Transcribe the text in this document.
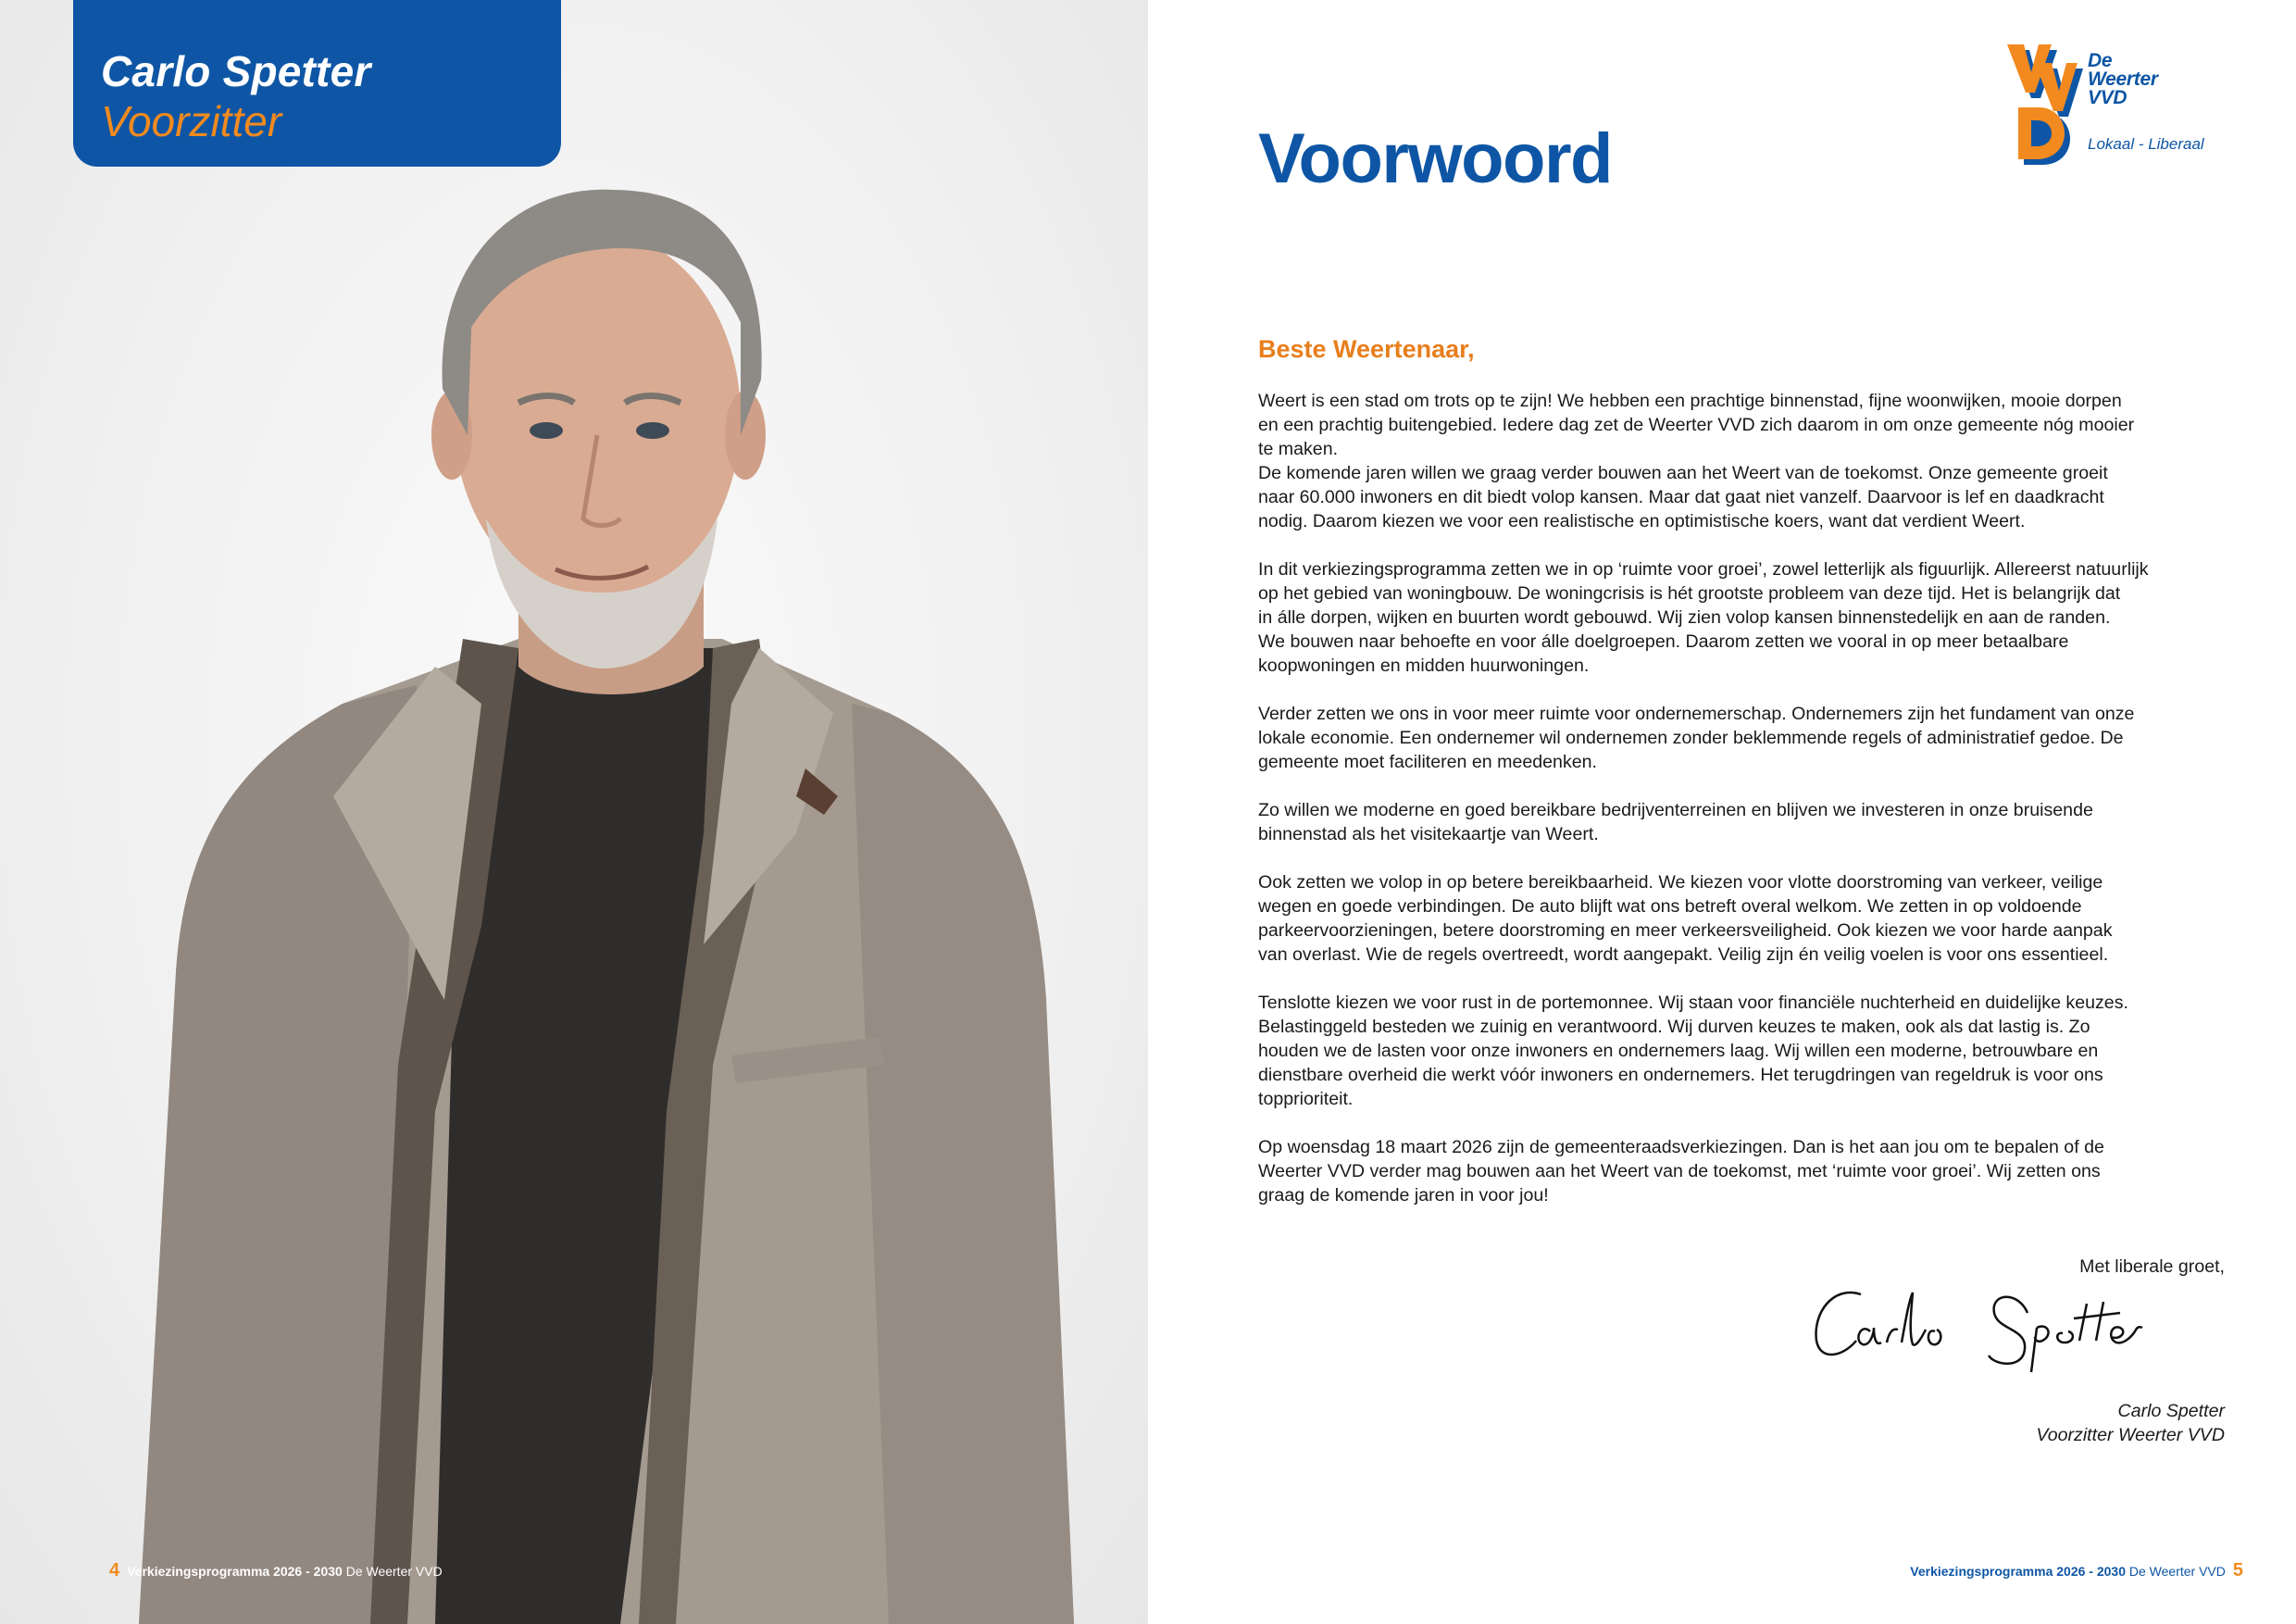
Carlo Spetter
Voorzitter
4 Verkiezingsprogramma 2026 - 2030 De Weerter VVD
Voorwoord
De
Weerter
VVD
Lokaal - Liberaal
Beste Weertenaar,

Weert is een stad om trots op te zijn! We hebben een prachtige binnenstad, fijne woonwijken, mooie dorpen
en een prachtig buitengebied. Iedere dag zet de Weerter VVD zich daarom in om onze gemeente nóg mooier
te maken.
De komende jaren willen we graag verder bouwen aan het Weert van de toekomst. Onze gemeente groeit
naar 60.000 inwoners en dit biedt volop kansen. Maar dat gaat niet vanzelf. Daarvoor is lef en daadkracht
nodig. Daarom kiezen we voor een realistische en optimistische koers, want dat verdient Weert.

In dit verkiezingsprogramma zetten we in op ‘ruimte voor groei’, zowel letterlijk als figuurlijk. Allereerst natuurlijk
op het gebied van woningbouw. De woningcrisis is hét grootste probleem van deze tijd. Het is belangrijk dat
in álle dorpen, wijken en buurten wordt gebouwd. Wij zien volop kansen binnenstedelijk en aan de randen.
We bouwen naar behoefte en voor álle doelgroepen. Daarom zetten we vooral in op meer betaalbare
koopwoningen en midden huurwoningen.

Verder zetten we ons in voor meer ruimte voor ondernemerschap. Ondernemers zijn het fundament van onze
lokale economie. Een ondernemer wil ondernemen zonder beklemmende regels of administratief gedoe. De
gemeente moet faciliteren en meedenken.

Zo willen we moderne en goed bereikbare bedrijventerreinen en blijven we investeren in onze bruisende
binnenstad als het visitekaartje van Weert.

Ook zetten we volop in op betere bereikbaarheid. We kiezen voor vlotte doorstroming van verkeer, veilige
wegen en goede verbindingen. De auto blijft wat ons betreft overal welkom. We zetten in op voldoende
parkeervoorzieningen, betere doorstroming en meer verkeersveiligheid. Ook kiezen we voor harde aanpak
van overlast. Wie de regels overtreedt, wordt aangepakt. Veilig zijn én veilig voelen is voor ons essentieel.

Tenslotte kiezen we voor rust in de portemonnee. Wij staan voor financiële nuchterheid en duidelijke keuzes.
Belastinggeld besteden we zuinig en verantwoord. Wij durven keuzes te maken, ook als dat lastig is. Zo
houden we de lasten voor onze inwoners en ondernemers laag. Wij willen een moderne, betrouwbare en
dienstbare overheid die werkt vóór inwoners en ondernemers. Het terugdringen van regeldruk is voor ons
topprioriteit.

Op woensdag 18 maart 2026 zijn de gemeenteraadsverkiezingen. Dan is het aan jou om te bepalen of de
Weerter VVD verder mag bouwen aan het Weert van de toekomst, met ‘ruimte voor groei’. Wij zetten ons
graag de komende jaren in voor jou!

Met liberale groet,
Carlo Spetter
Voorzitter Weerter VVD
Verkiezingsprogramma 2026 - 2030 De Weerter VVD 5
